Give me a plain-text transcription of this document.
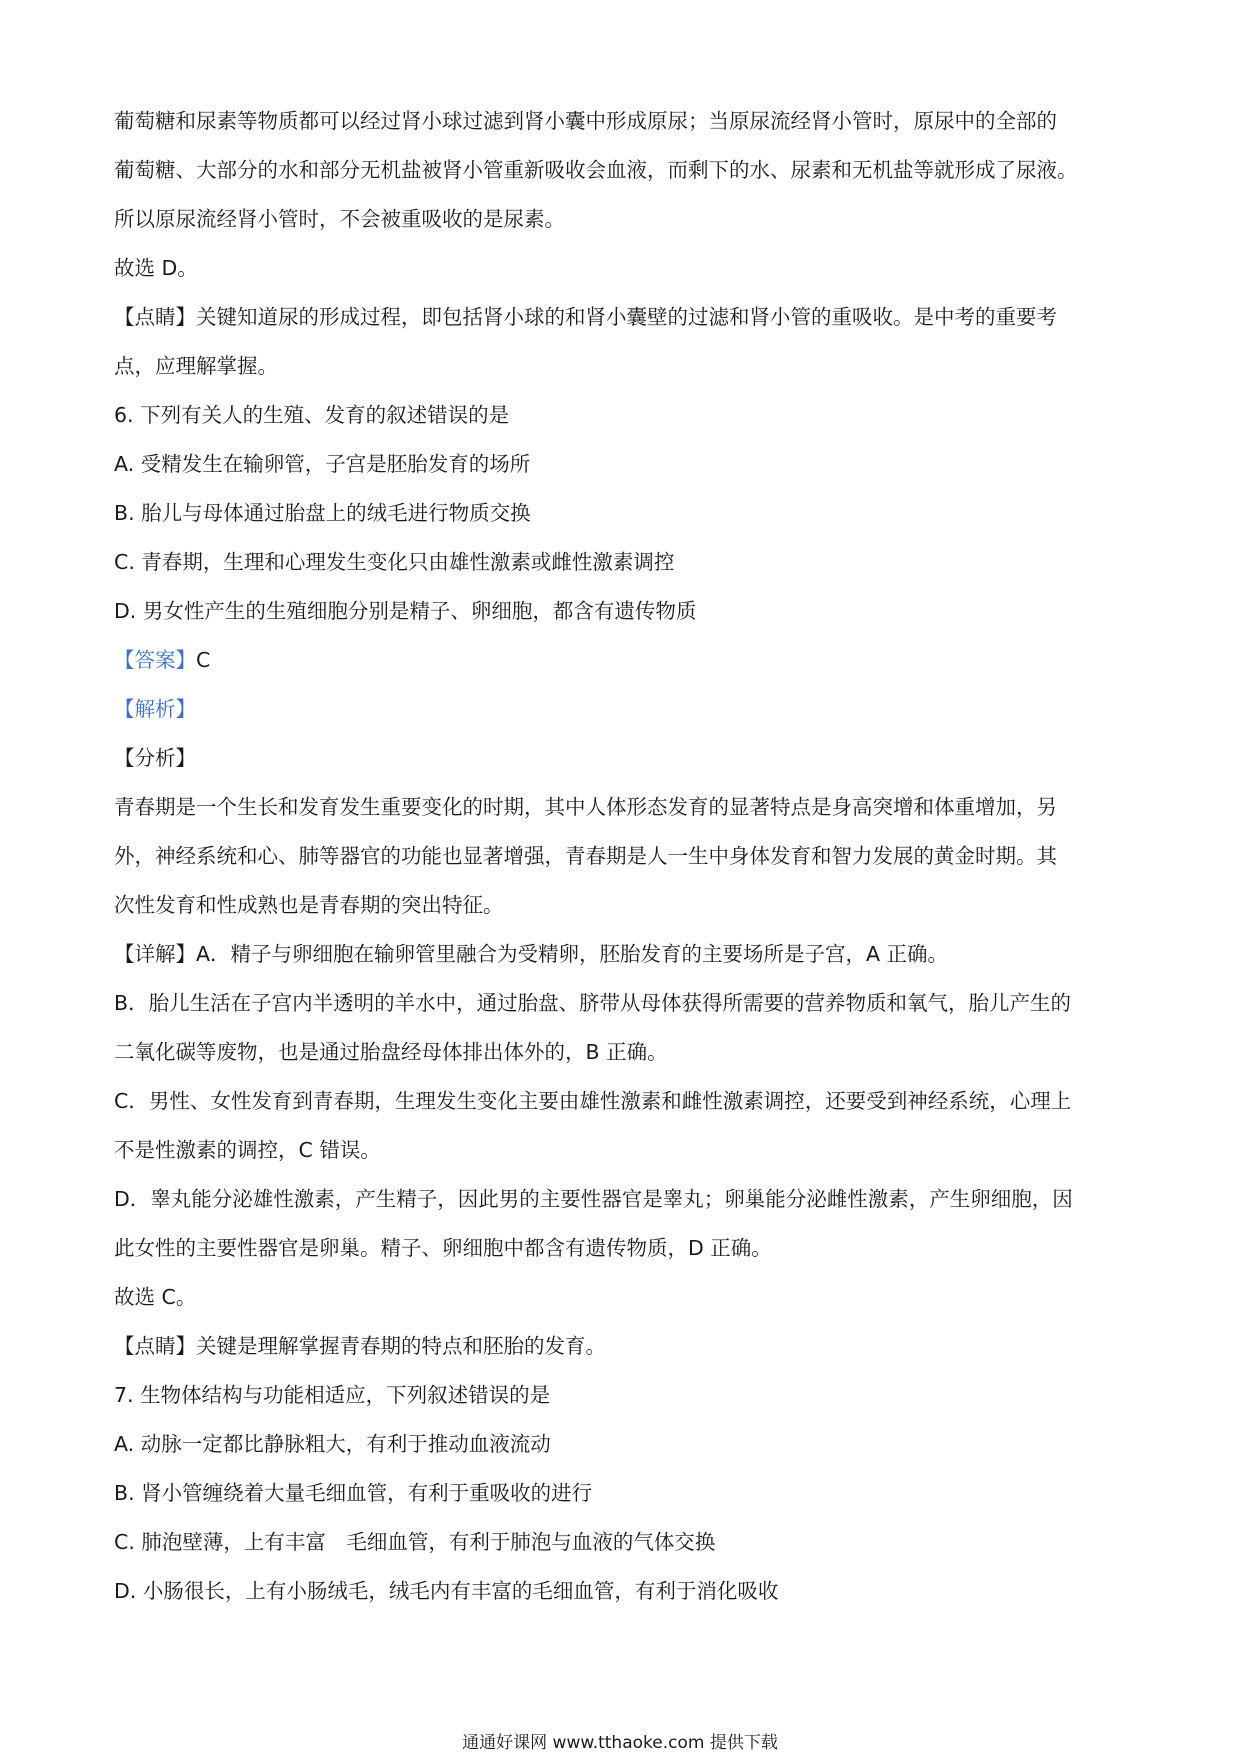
葡萄糖和尿素等物质都可以经过肾小球过滤到肾小囊中形成原尿；当原尿流经肾小管时，原尿中的全部的
葡萄糖、大部分的水和部分无机盐被肾小管重新吸收会血液，而剩下的水、尿素和无机盐等就形成了尿液。
所以原尿流经肾小管时，不会被重吸收的是尿素。
故选 D。
【点睛】关键知道尿的形成过程，即包括肾小球的和肾小囊壁的过滤和肾小管的重吸收。是中考的重要考
点，应理解掌握。
6. 下列有关人的生殖、发育的叙述错误的是
A. 受精发生在输卵管，子宫是胚胎发育的场所
B. 胎儿与母体通过胎盘上的绒毛进行物质交换
C. 青春期，生理和心理发生变化只由雄性激素或雌性激素调控
D. 男女性产生的生殖细胞分别是精子、卵细胞，都含有遗传物质
【答案】C
【解析】
【分析】
青春期是一个生长和发育发生重要变化的时期，其中人体形态发育的显著特点是身高突增和体重增加，另
外，神经系统和心、肺等器官的功能也显著增强，青春期是人一生中身体发育和智力发展的黄金时期。其
次性发育和性成熟也是青春期的突出特征。
【详解】A．精子与卵细胞在输卵管里融合为受精卵，胚胎发育的主要场所是子宫，A 正确。
B．胎儿生活在子宫内半透明的羊水中，通过胎盘、脐带从母体获得所需要的营养物质和氧气，胎儿产生的
二氧化碳等废物，也是通过胎盘经母体排出体外的，B 正确。
C．男性、女性发育到青春期，生理发生变化主要由雄性激素和雌性激素调控，还要受到神经系统，心理上
不是性激素的调控，C 错误。
D．睾丸能分泌雄性激素，产生精子，因此男的主要性器官是睾丸；卵巢能分泌雌性激素，产生卵细胞，因
此女性的主要性器官是卵巢。精子、卵细胞中都含有遗传物质，D 正确。
故选 C。
【点睛】关键是理解掌握青春期的特点和胚胎的发育。
7. 生物体结构与功能相适应，下列叙述错误的是
A. 动脉一定都比静脉粗大，有利于推动血液流动
B. 肾小管缠绕着大量毛细血管，有利于重吸收的进行
C. 肺泡壁薄，上有丰富　毛细血管，有利于肺泡与血液的气体交换
D. 小肠很长，上有小肠绒毛，绒毛内有丰富的毛细血管，有利于消化吸收
通通好课网 www.tthaoke.com 提供下载
